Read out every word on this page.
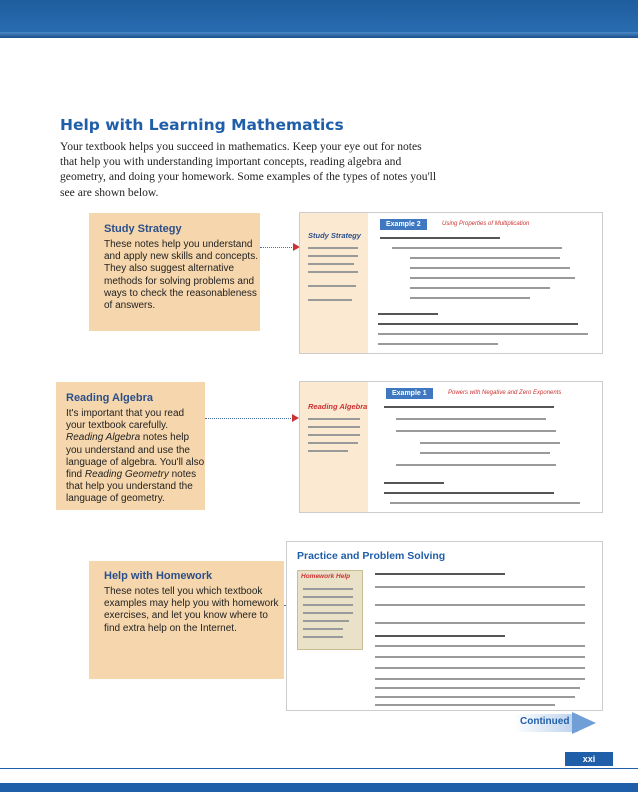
Help with Learning Mathematics
Your textbook helps you succeed in mathematics. Keep your eye out for notes that help you with understanding important concepts, reading algebra and geometry, and doing your homework. Some examples of the types of notes you'll see are shown below.
Study Strategy
These notes help you understand and apply new skills and concepts. They also suggest alternative methods for solving problems and ways to check the reasonableness of answers.
Reading Algebra
It's important that you read your textbook carefully. Reading Algebra notes help you understand and use the language of algebra. You'll also find Reading Geometry notes that help you understand the language of geometry.
Help with Homework
These notes tell you which textbook examples may help you with homework exercises, and let you know where to find extra help on the Internet.
Study Strategy
Example 2	Using Properties of Multiplication
Reading Algebra
Example 1	Powers with Negative and Zero Exponents
Practice and Problem Solving
Homework Help
Continued
xxi
